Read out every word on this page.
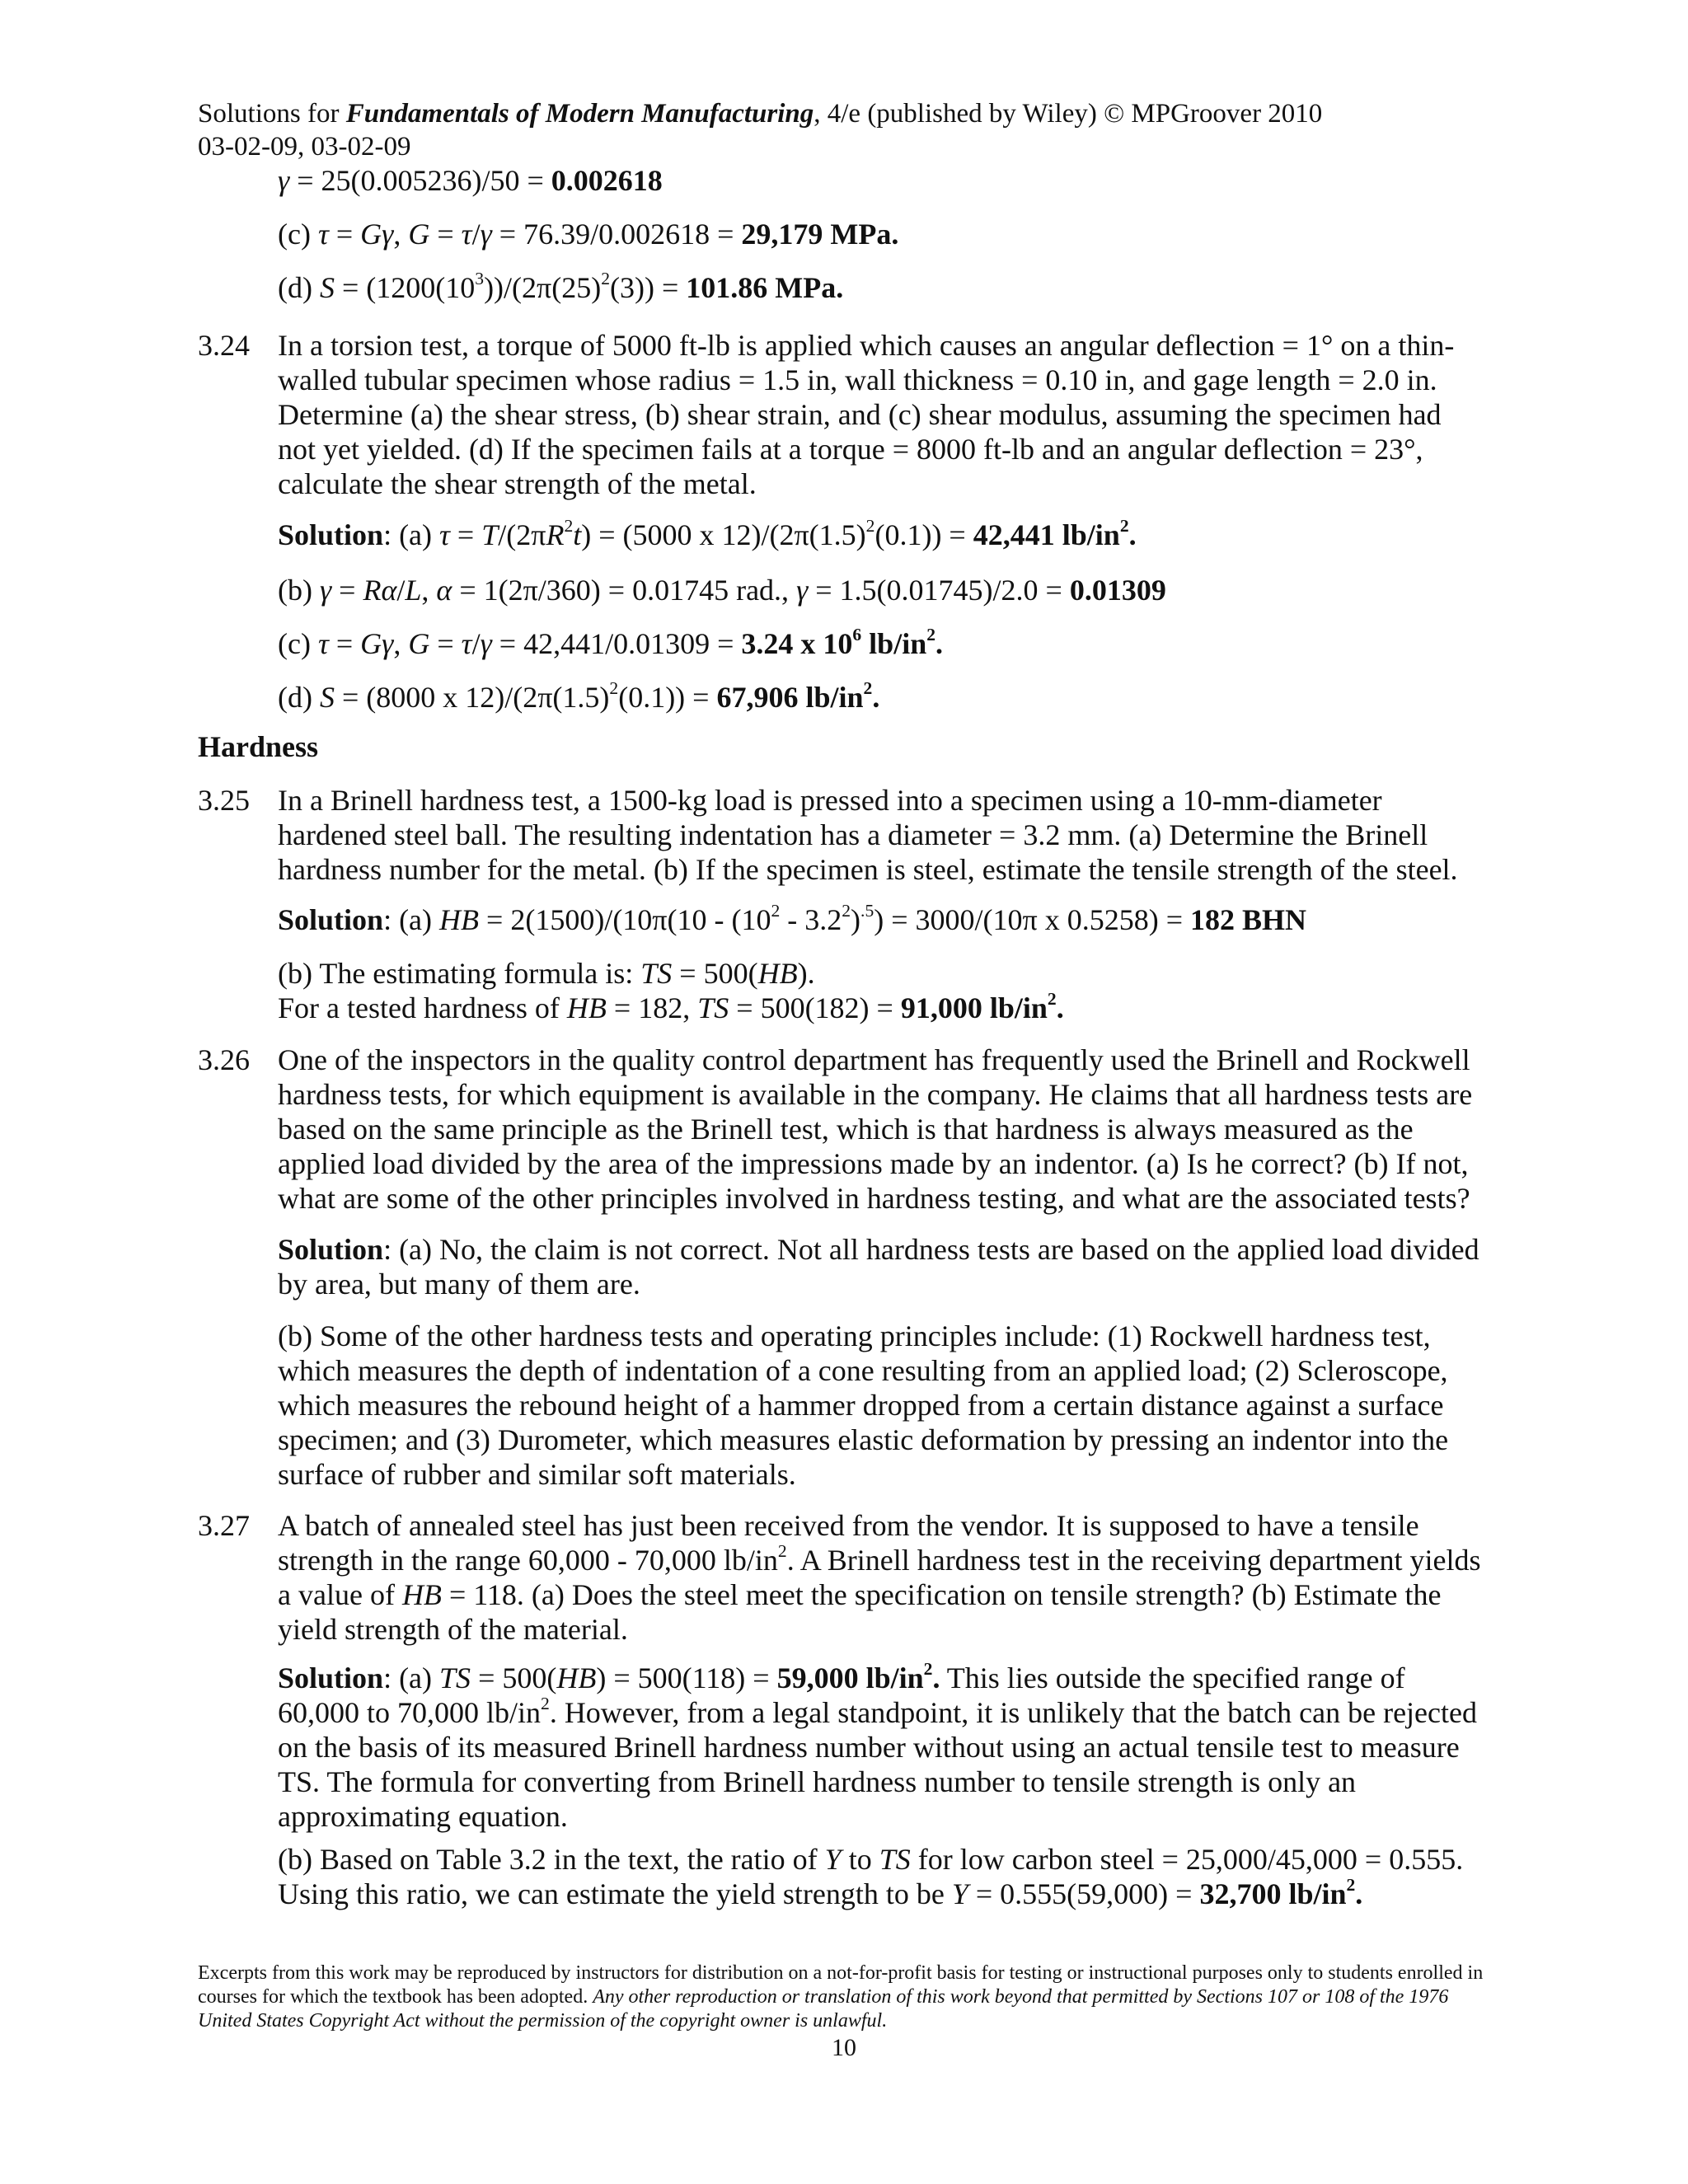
Solutions for Fundamentals of Modern Manufacturing, 4/e (published by Wiley) © MPGroover 2010
03-02-09, 03-02-09
γ = 25(0.005236)/50 = 0.002618
(c) τ = Gγ, G = τ/γ = 76.39/0.002618 = 29,179 MPa.
(d) $S = (1200(10^3))/(2\pi(25)^2(3)) = 101.86$ MPa.
3.24 In a torsion test, a torque of 5000 ft-lb is applied which causes an angular deflection = 1° on a thin-walled tubular specimen whose radius = 1.5 in, wall thickness = 0.10 in, and gage length = 2.0 in. Determine (a) the shear stress, (b) shear strain, and (c) shear modulus, assuming the specimen had not yet yielded. (d) If the specimen fails at a torque = 8000 ft-lb and an angular deflection = 23°, calculate the shear strength of the metal.
Solution: (a) $\tau = T/(2\pi R^2t) = (5000$ x $12)/(2\pi(1.5)^2(0.1)) = 42,441$ $lb/in^2$.
(b) γ = Rα/L, α = 1(2π/360) = 0.01745 rad., γ = 1.5(0.01745)/2.0 = 0.01309
(c) τ = Gγ, G = τ/γ = 42,441/0.01309 = 3.24 x $10^6$ $lb/in^2$.
(d) S = (8000 x $12)/(2\pi(1.5)^2(0.1)) = 67,906$ $lb/in^2$.
Hardness
3.25 In a Brinell hardness test, a 1500-kg load is pressed into a specimen using a 10-mm-diameter hardened steel ball. The resulting indentation has a diameter = 3.2 mm. (a) Determine the Brinell hardness number for the metal. (b) If the specimen is steel, estimate the tensile strength of the steel.
Solution: (a) HB = $2(1500)/(10\pi(10 - (10^2 - 3.2^2)^{.5}) = 3000/(10\pi$ x 0.5258) = 182 BHN
(b) The estimating formula is: TS = 500(HB).
For a tested hardness of HB = 182, TS = 500(182) = 91,000 $lb/in^2$.
3.26 One of the inspectors in the quality control department has frequently used the Brinell and Rockwell hardness tests, for which equipment is available in the company. He claims that all hardness tests are based on the same principle as the Brinell test, which is that hardness is always measured as the applied load divided by the area of the impressions made by an indentor. (a) Is he correct? (b) If not, what are some of the other principles involved in hardness testing, and what are the associated tests?
Solution: (a) No, the claim is not correct. Not all hardness tests are based on the applied load divided by area, but many of them are.
(b) Some of the other hardness tests and operating principles include: (1) Rockwell hardness test, which measures the depth of indentation of a cone resulting from an applied load; (2) Scleroscope, which measures the rebound height of a hammer dropped from a certain distance against a surface specimen; and (3) Durometer, which measures elastic deformation by pressing an indentor into the surface of rubber and similar soft materials.
3.27 A batch of annealed steel has just been received from the vendor. It is supposed to have a tensile strength in the range 60,000 - 70,000 $lb/in^2$. A Brinell hardness test in the receiving department yields a value of HB = 118. (a) Does the steel meet the specification on tensile strength? (b) Estimate the yield strength of the material.
Solution: (a) TS = 500(HB) = 500(118) = 59,000 $lb/in^2$. This lies outside the specified range of 60,000 to 70,000 $lb/in^2$. However, from a legal standpoint, it is unlikely that the batch can be rejected on the basis of its measured Brinell hardness number without using an actual tensile test to measure TS. The formula for converting from Brinell hardness number to tensile strength is only an approximating equation.
(b) Based on Table 3.2 in the text, the ratio of Y to TS for low carbon steel = 25,000/45,000 = 0.555. Using this ratio, we can estimate the yield strength to be Y = 0.555(59,000) = 32,700 $lb/in^2$.
Excerpts from this work may be reproduced by instructors for distribution on a not-for-profit basis for testing or instructional purposes only to students enrolled in courses for which the textbook has been adopted. Any other reproduction or translation of this work beyond that permitted by Sections 107 or 108 of the 1976 United States Copyright Act without the permission of the copyright owner is unlawful.
10
